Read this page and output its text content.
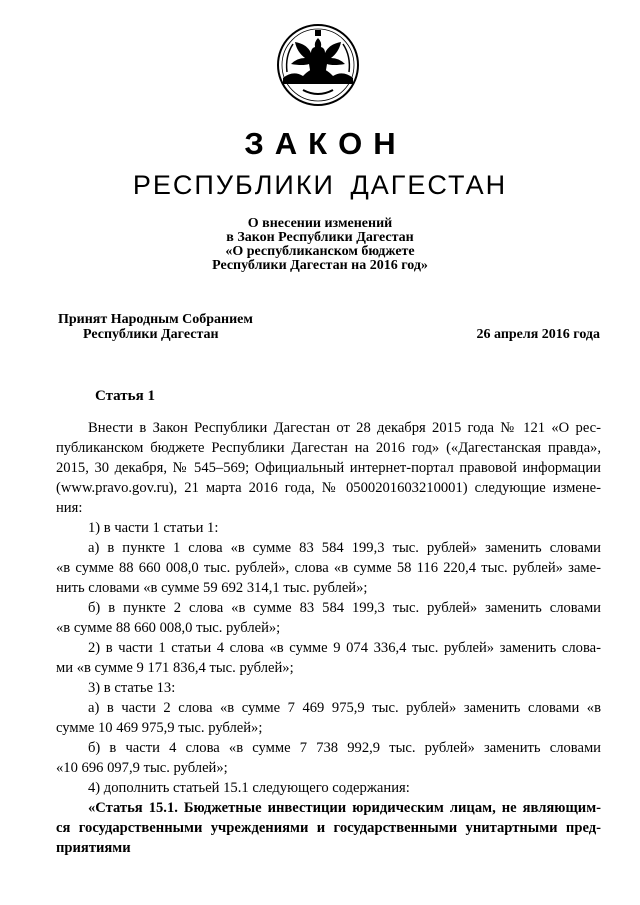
ЗАКОН
РЕСПУБЛИКИ ДАГЕСТАН
О внесении изменений
в Закон Республики Дагестан
«О республиканском бюджете
Республики Дагестан на 2016 год»
Принят Народным Собранием
Республики Дагестан	26 апреля 2016 года
Статья 1
Внести в Закон Республики Дагестан от 28 декабря 2015 года № 121 «О рес-
публиканском бюджете Республики Дагестан на 2016 год» («Дагестанская правда»,
2015, 30 декабря, № 545–569; Официальный интернет-портал правовой информации
(www.pravo.gov.ru), 21 марта 2016 года, № 0500201603210001) следующие измене-
ния:
1) в части 1 статьи 1:
а) в пункте 1 слова «в сумме 83 584 199,3 тыс. рублей» заменить словами
«в сумме 88 660 008,0 тыс. рублей», слова «в сумме 58 116 220,4 тыс. рублей» заме-
нить словами «в сумме 59 692 314,1 тыс. рублей»;
б) в пункте 2 слова «в сумме 83 584 199,3 тыс. рублей» заменить словами
«в сумме 88 660 008,0 тыс. рублей»;
2) в части 1 статьи 4 слова «в сумме 9 074 336,4 тыс. рублей» заменить слова-
ми «в сумме 9 171 836,4 тыс. рублей»;
3) в статье 13:
а) в части 2 слова «в сумме 7 469 975,9 тыс. рублей» заменить словами «в
сумме 10 469 975,9 тыс. рублей»;
б) в части 4 слова «в сумме 7 738 992,9 тыс. рублей» заменить словами
«10 696 097,9 тыс. рублей»;
4) дополнить статьей 15.1 следующего содержания:
«Статья 15.1. Бюджетные инвестиции юридическим лицам, не являющим-
ся государственными учреждениями и государственными унитартными пред-
приятиями
